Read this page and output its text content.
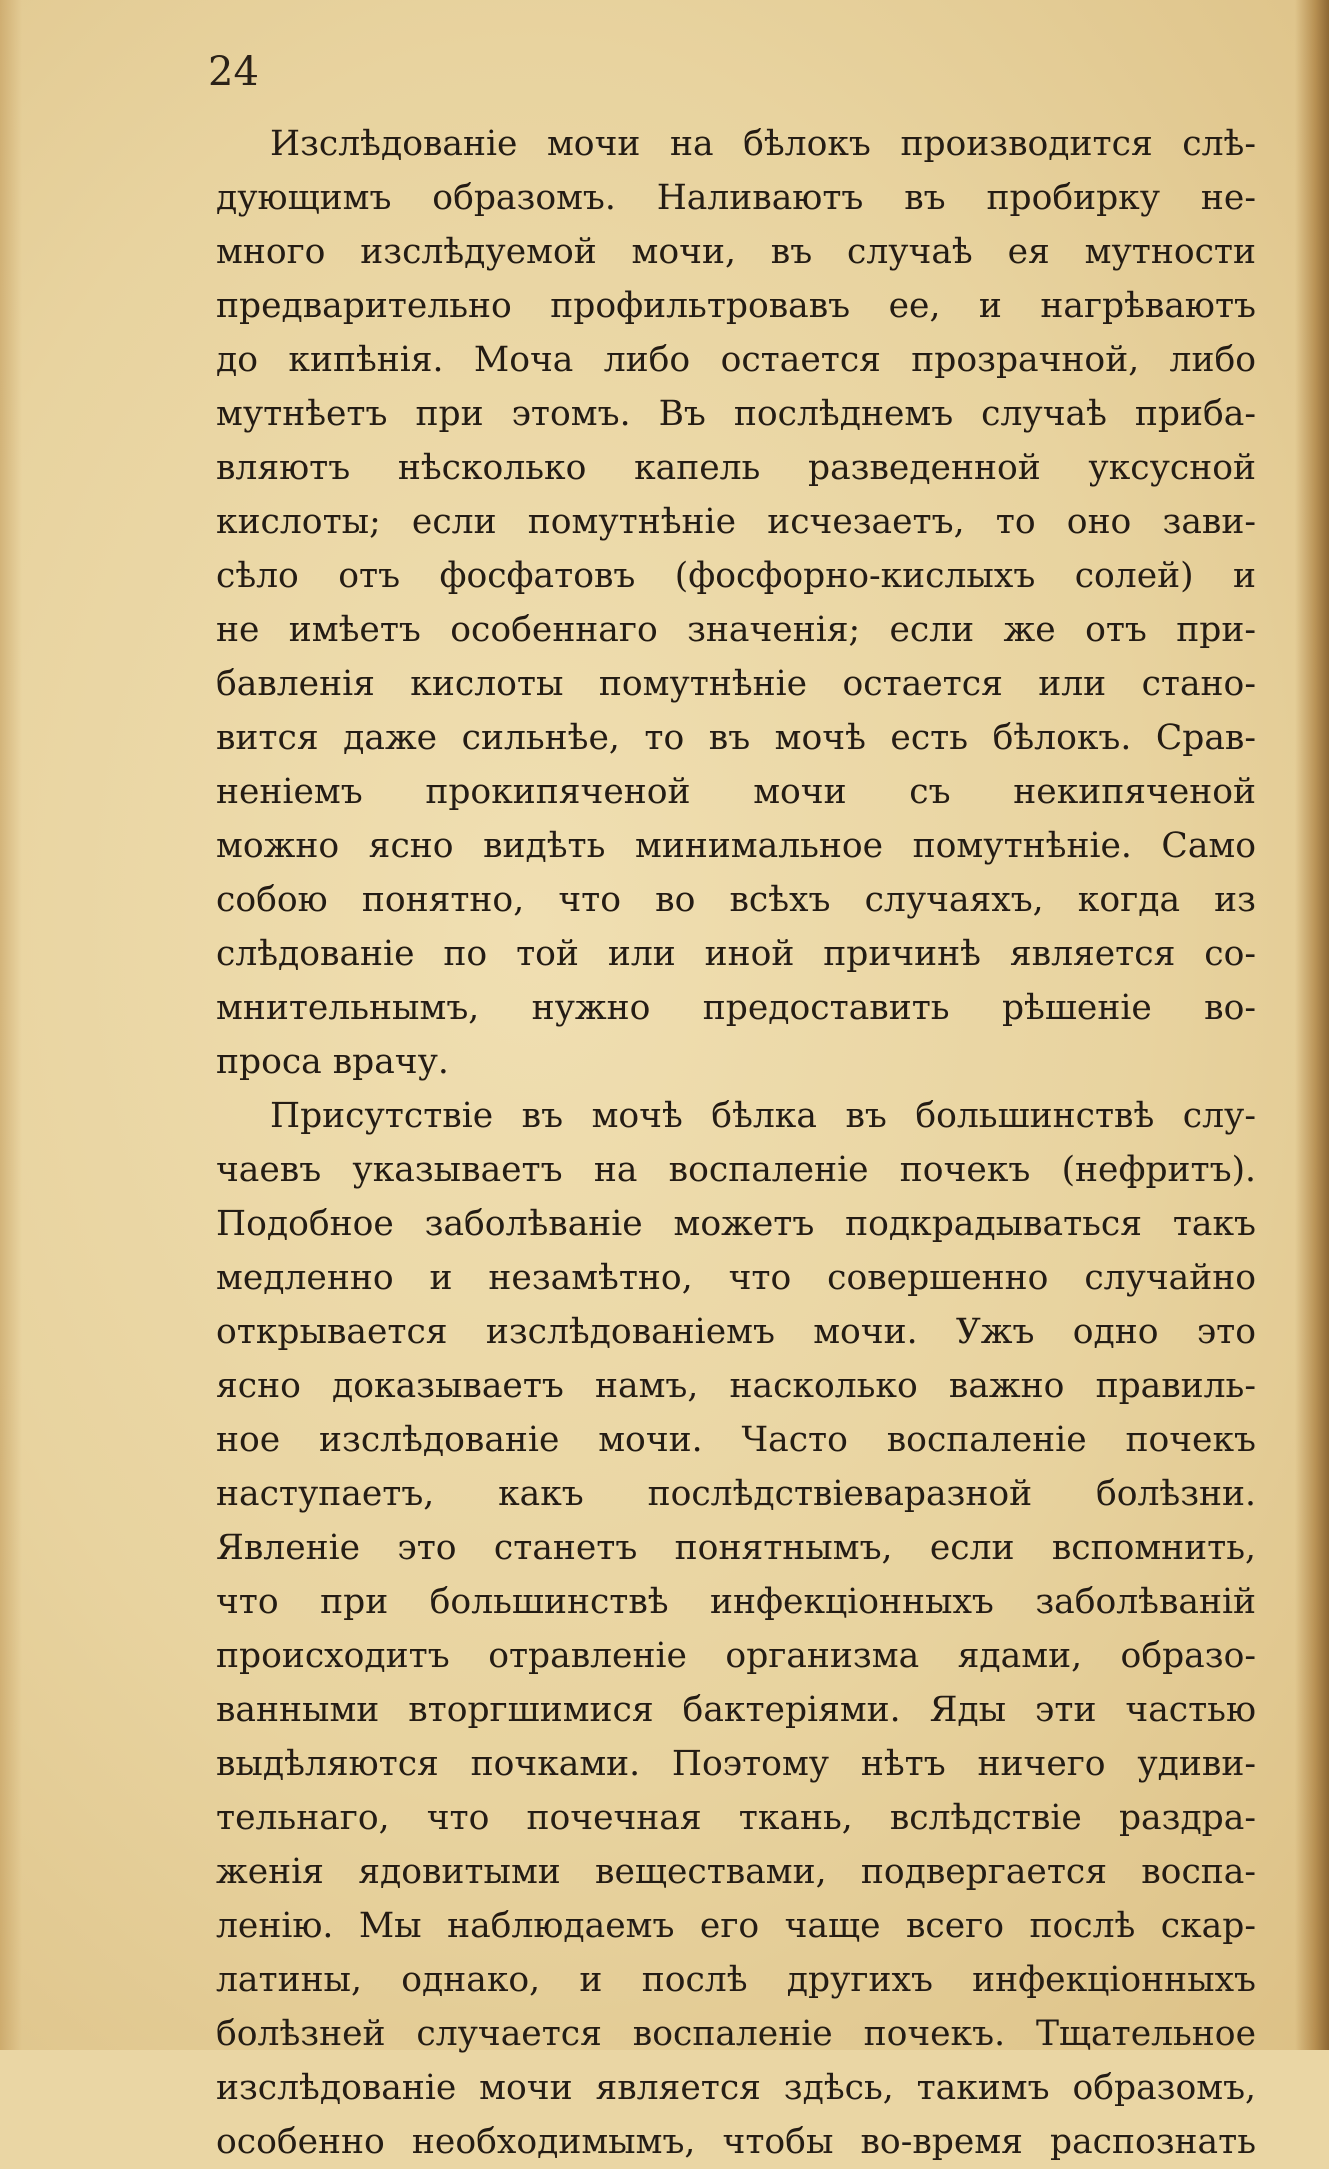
24
Изслѣдованіе мочи на бѣлокъ производится слѣ-
дующимъ образомъ. Наливаютъ въ пробирку не-
много изслѣдуемой мочи, въ случаѣ ея мутности
предварительно профильтровавъ ее, и нагрѣваютъ
до кипѣнія. Моча либо остается прозрачной, либо
мутнѣетъ при этомъ. Въ послѣднемъ случаѣ приба-
вляютъ нѣсколько капель разведенной уксусной
кислоты; если помутнѣніе исчезаетъ, то оно зави-
сѣло отъ фосфатовъ (фосфорно-кислыхъ солей) и
не имѣетъ особеннаго значенія; если же отъ при-
бавленія кислоты помутнѣніе остается или стано-
вится даже сильнѣе, то въ мочѣ есть бѣлокъ. Срав-
неніемъ прокипяченой мочи съ некипяченой
можно ясно видѣть минимальное помутнѣніе. Само
собою понятно, что во всѣхъ случаяхъ, когда из
слѣдованіе по той или иной причинѣ является со-
мнительнымъ, нужно предоставить рѣшеніе во-
проса врачу.
Присутствіе въ мочѣ бѣлка въ большинствѣ слу-
чаевъ указываетъ на воспаленіе почекъ (нефритъ).
Подобное заболѣваніе можетъ подкрадываться такъ
медленно и незамѣтно, что совершенно случайно
открывается изслѣдованіемъ мочи. Ужъ одно это
ясно доказываетъ намъ, насколько важно правиль-
ное изслѣдованіе мочи. Часто воспаленіе почекъ
наступаетъ, какъ послѣдствіеваразной болѣзни.
Явленіе это станетъ понятнымъ, если вспомнить,
что при большинствѣ инфекціонныхъ заболѣваній
происходитъ отравленіе организма ядами, образо-
ванными вторгшимися бактеріями. Яды эти частью
выдѣляются почками. Поэтому нѣтъ ничего удиви-
тельнаго, что почечная ткань, вслѣдствіе раздра-
женія ядовитыми веществами, подвергается воспа-
ленію. Мы наблюдаемъ его чаще всего послѣ скар-
латины, однако, и послѣ другихъ инфекціонныхъ
болѣзней случается воспаленіе почекъ. Тщательное
изслѣдованіе мочи является здѣсь, такимъ образомъ,
особенно необходимымъ, чтобы во-время распознать
